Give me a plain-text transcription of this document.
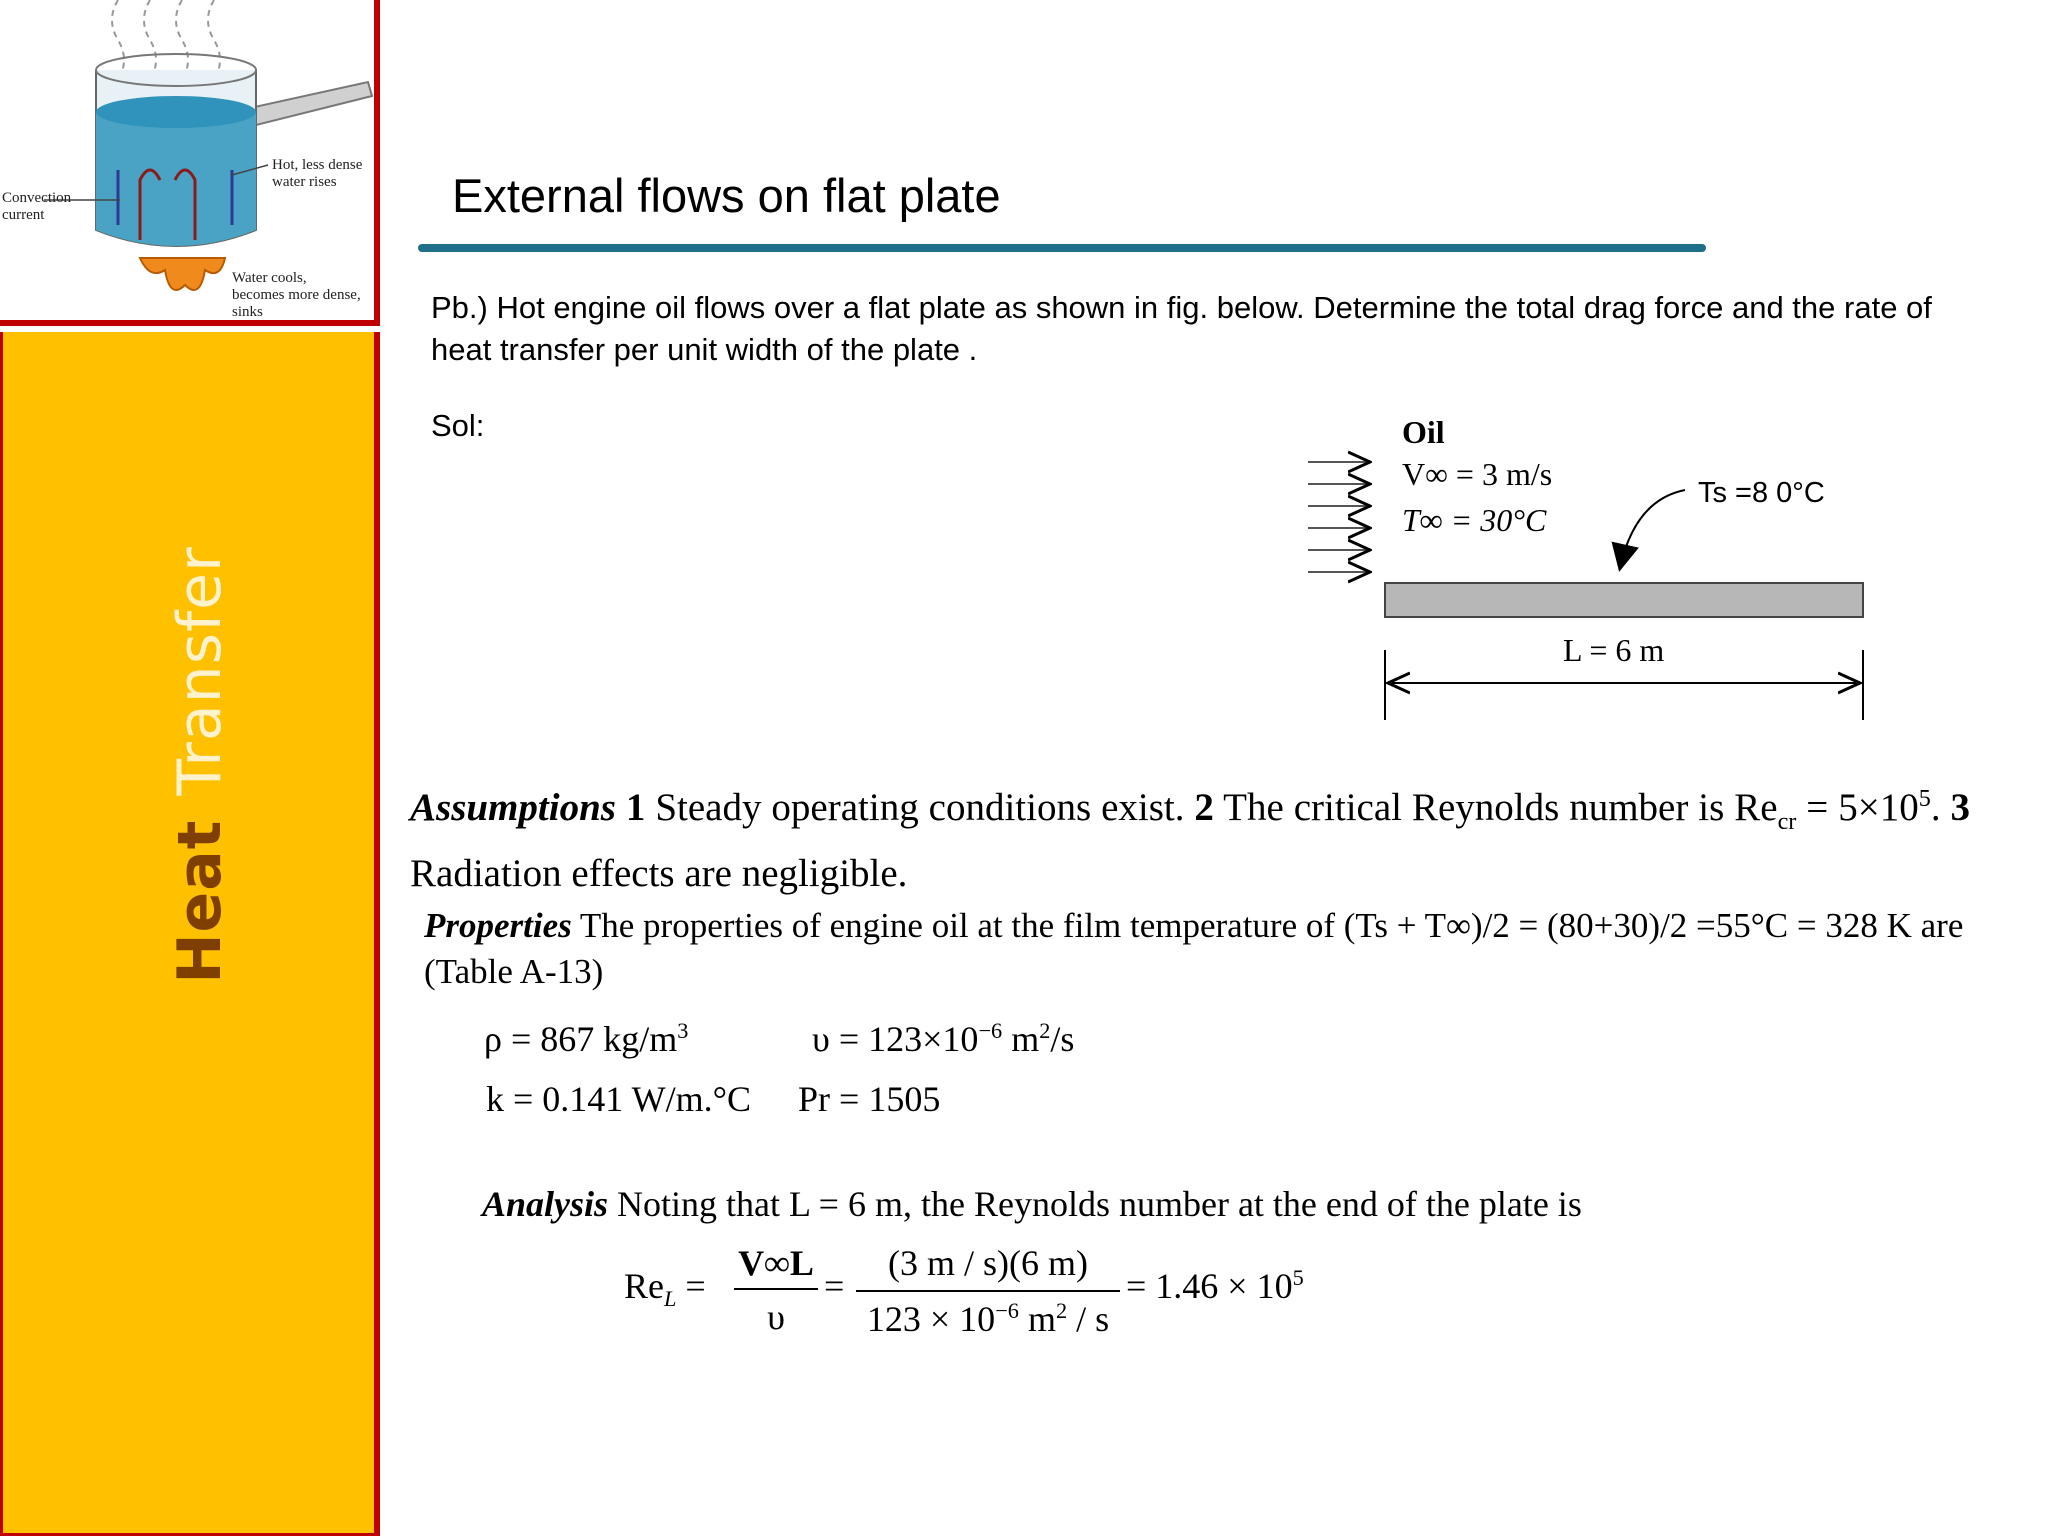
Convection current
Hot, less dense water rises
Water cools, becomes more dense, sinks
HeatTransfer
External flows on flat plate
Pb.) Hot engine oil flows over a flat plate as shown in fig. below. Determine the total drag force and the rate of heat transfer per unit width of the plate .
Sol:	Oil
V∞ = 3 m/s
T∞ = 30°C
Ts =8 0°C
L = 6 m
Assumptions 1 Steady operating conditions exist. 2 The critical Reynolds number is $Re_{cr} = 5\times 10^5$. 3 Radiation effects are negligible.
Properties The properties of engine oil at the film temperature of (Ts + T∞)/2 = (80+30)/2 =55°C = 328 K are (Table A-13)
ρ = 867 $kg/m^3$	$\upsilon = 123\times 10^{-6}$ $m^2/s$
k = 0.141 W/m.°C Pr = 1505
Analysis Noting that L = 6 m, the Reynolds number at the end of the plate is
$Re_L$ =
V∞L
υ
=
(3 m / s)(6 m)
$123 \times 10^{-6}$ $m^2$ / s
= $1.46 \times 10^5$
